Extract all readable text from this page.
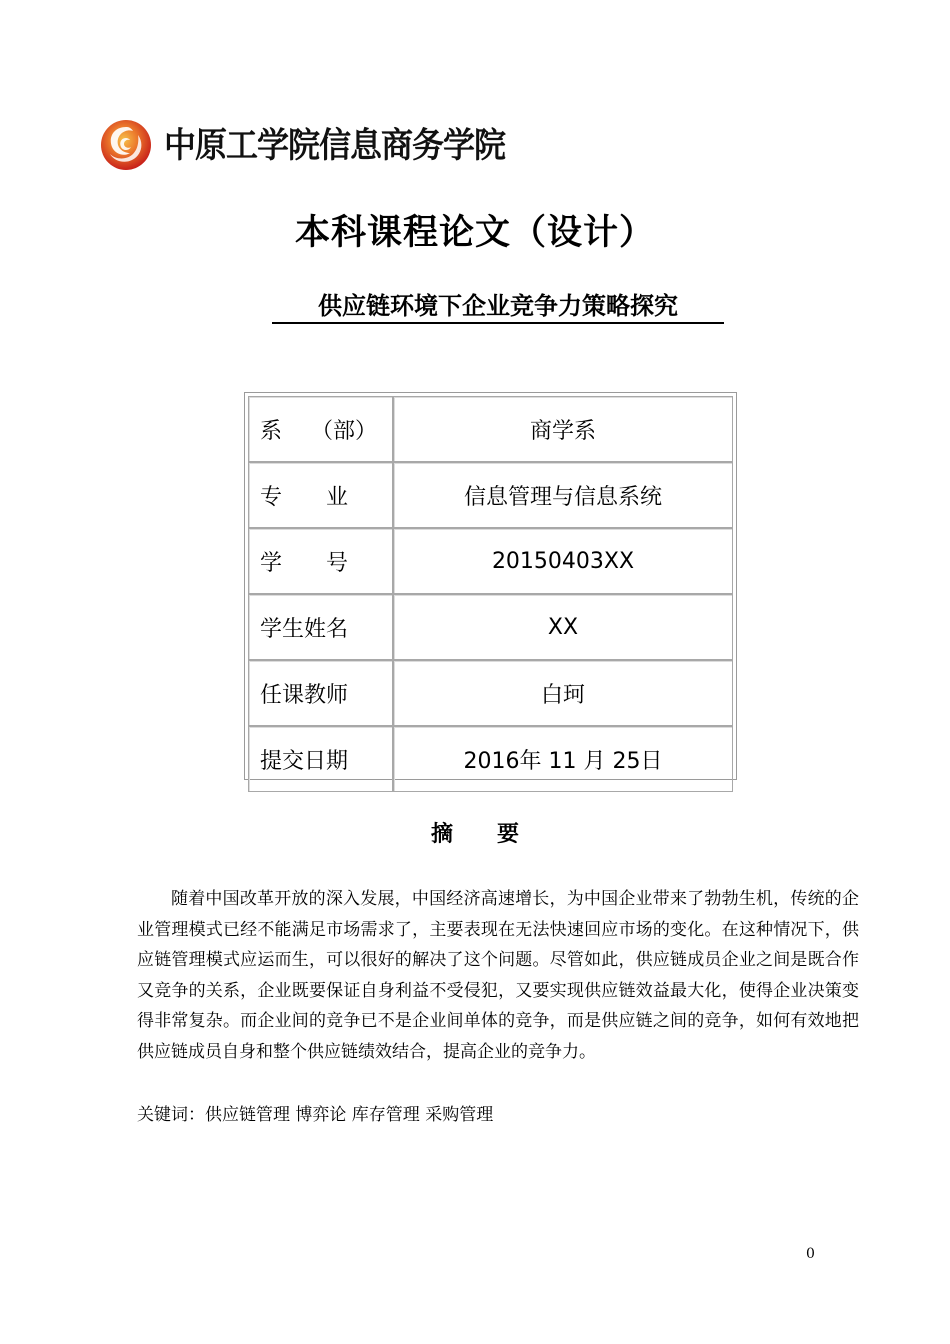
中原工学院信息商务学院
本科课程论文（设计）
供应链环境下企业竞争力策略探究
系　 （部）	商学系
专　　业	信息管理与信息系统
学　　号	20150403XX
学生姓名	XX
任课教师	白珂
提交日期	2016年 11 月 25日
摘　　要

随着中国改革开放的深入发展，中国经济高速增长，为中国企业带来了勃勃生机，传统的企业管理模式已经不能满足市场需求了，主要表现在无法快速回应市场的变化。在这种情况下，供应链管理模式应运而生，可以很好的解决了这个问题。尽管如此，供应链成员企业之间是既合作又竞争的关系，企业既要保证自身利益不受侵犯，又要实现供应链效益最大化，使得企业决策变得非常复杂。而企业间的竞争已不是企业间单体的竞争，而是供应链之间的竞争，如何有效地把供应链成员自身和整个供应链绩效结合，提高企业的竞争力。

关键词：供应链管理 博弈论 库存管理 采购管理
0
